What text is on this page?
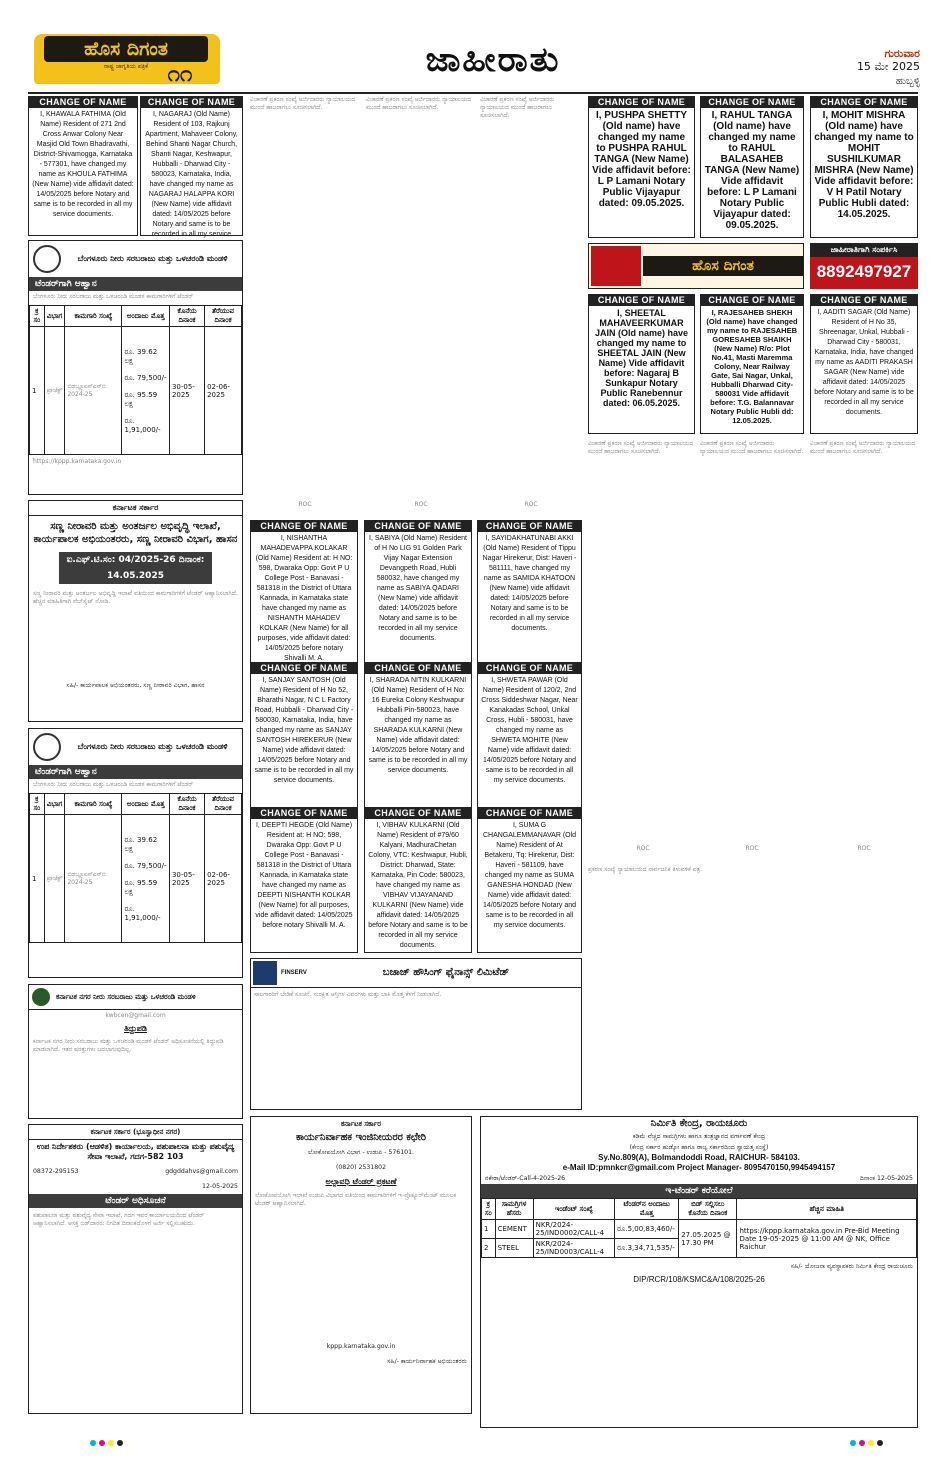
ಹೊಸ ದಿಗಂತ
ರಾಷ್ಟ್ರ ಜಾಗೃತಿಯ ಪತ್ರಿಕೆ ೧೧	ಜಾಹೀರಾತು	ಗುರುವಾರ
15 ಮೇ 2025
ಹುಬ್ಬಳ್ಳಿ
CHANGE OF NAME
I, KHAWALA FATHIMA (Old Name) Resident of 271 2nd Cross Anwar Colony Near Masjid Old Town Bhadravathi, District-Shivamogga, Karnataka - 577301, have changed my name as KHOULA FATHIMA (New Name) vide affidavit dated: 14/05/2025 before Notary and same is to be recorded in all my service documents.
CHANGE OF NAME
I, NAGARAJ (Old Name) Resident of 103, Rajkunj Apartment, Mahaveer Colony, Behind Shanti Nagar Church, Shanti Nagar, Keshwapur, Hubballi - Dharwad City - 580023, Karnataka, India, have changed my name as NAGARAJ HALAPPA KORI (New Name) vide affidavit dated: 14/05/2025 before Notary and same is to be recorded in all my service
ಬೆಂಗಳೂರು ನೀರು ಸರಬರಾಜು ಮತ್ತು ಒಳಚರಂಡಿ ಮಂಡಳಿ
ಟೆಂಡರ್‌ಗಾಗಿ ಆಹ್ವಾನ
ಬೆಂಗಳೂರು ನೀರು ಸರಬರಾಜು ಮತ್ತು ಒಳಚರಂಡಿ ಮಂಡಳಿ ಕಾಮಗಾರಿಗಳಿಗೆ ಟೆಂಡರ್
ಕ್ರ ಸಂ	ವಿಭಾಗ	ಕಾಮಗಾರಿ ಸಂಖ್ಯೆ	ಅಂದಾಜು ಮೊತ್ತ	ಕೊನೆಯ ದಿನಾಂಕ	ತೆರೆಯುವ ದಿನಾಂಕ
1	ಪ್ರಾಜೆಕ್ಟ್	ಬಿಡಬ್ಲ್ಯೂಎಸ್‌ಎಸ್‌ಬಿ 2024-25	ರೂ. 39.62 ಲಕ್ಷ

ರೂ. 79,500/-

ರೂ. 95.59 ಲಕ್ಷ

ರೂ. 1,91,000/-	30-05-2025	02-06-2025
https://kppp.karnataka.gov.in
ಕರ್ನಾಟಕ ಸರ್ಕಾರ
ಸಣ್ಣ ನೀರಾವರಿ ಮತ್ತು ಅಂತರ್ಜಲ ಅಭಿವೃದ್ಧಿ ಇಲಾಖೆ, ಕಾರ್ಯಪಾಲಕ ಅಭಿಯಂತರರು, ಸಣ್ಣ ನೀರಾವರಿ ವಿಭಾಗ, ಹಾಸನ
ಐ.ಎಫ್.ಟಿ.ಸಂ: 04/2025-26 ದಿನಾಂಕ: 14.05.2025
ಸಣ್ಣ ನೀರಾವರಿ ಮತ್ತು ಅಂತರ್ಜಲ ಅಭಿವೃದ್ಧಿ ಇಲಾಖೆ ವತಿಯಿಂದ ಕಾಮಗಾರಿಗಳಿಗೆ ಟೆಂಡರ್ ಆಹ್ವಾನಿಸಲಾಗಿದೆ. ಹೆಚ್ಚಿನ ಮಾಹಿತಿಗಾಗಿ ವೆಬ್‌ಸೈಟ್ ನೋಡಿ.
ಸಹಿ/- ಕಾರ್ಯಪಾಲಕ ಅಭಿಯಂತರರು, ಸಣ್ಣ ನೀರಾವರಿ ವಿಭಾಗ, ಹಾಸನ
ಬೆಂಗಳೂರು ನೀರು ಸರಬರಾಜು ಮತ್ತು ಒಳಚರಂಡಿ ಮಂಡಳಿ
ಟೆಂಡರ್‌ಗಾಗಿ ಆಹ್ವಾನ
ಬೆಂಗಳೂರು ನೀರು ಸರಬರಾಜು ಮತ್ತು ಒಳಚರಂಡಿ ಮಂಡಳಿ ಕಾಮಗಾರಿಗಳಿಗೆ ಟೆಂಡರ್
ಕ್ರ ಸಂ	ವಿಭಾಗ	ಕಾಮಗಾರಿ ಸಂಖ್ಯೆ	ಅಂದಾಜು ಮೊತ್ತ	ಕೊನೆಯ ದಿನಾಂಕ	ತೆರೆಯುವ ದಿನಾಂಕ
1	ಪ್ರಾಜೆಕ್ಟ್	ಬಿಡಬ್ಲ್ಯೂಎಸ್‌ಎಸ್‌ಬಿ 2024-25	ರೂ. 39.62 ಲಕ್ಷ

ರೂ. 79,500/-

ರೂ. 95.59 ಲಕ್ಷ

ರೂ. 1,91,000/-	30-05-2025	02-06-2025
ಕರ್ನಾಟಕ ನಗರ ನೀರು ಸರಬರಾಜು ಮತ್ತು ಒಳಚರಂಡಿ ಮಂಡಳಿ
kwbcen@gmail.com
ತಿದ್ದುಪಡಿ
ಕರ್ನಾಟಕ ನಗರ ನೀರು ಸರಬರಾಜು ಮತ್ತು ಒಳಚರಂಡಿ ಮಂಡಳಿ ಟೆಂಡರ್ ಅಧಿಸೂಚನೆಯಲ್ಲಿ ತಿದ್ದುಪಡಿ ಮಾಡಲಾಗಿದೆ. ಇತರ ಷರತ್ತುಗಳು ಬದಲಾಗುವುದಿಲ್ಲ.
ಕರ್ನಾಟಕ ಸರ್ಕಾರ (ಭೂಸ್ವಾಧೀನ ನಗರ)
ಉಪ ನಿರ್ದೇಶಕರು (ಆಡಳಿತ) ಕಾರ್ಯಾಲಯ, ಪಶುಪಾಲನಾ ಮತ್ತು ಪಶುವೈದ್ಯ ಸೇವಾ ಇಲಾಖೆ, ಗದಗ-582 103
08372-295153	gdgddahvs@gmail.com
12-05-2025
ಟೆಂಡರ್ ಅಧಿಸೂಚನೆ
ಪಶುಪಾಲನಾ ಮತ್ತು ಪಶುವೈದ್ಯ ಸೇವಾ ಇಲಾಖೆ, ಗದಗ ಇವರ ಕಾರ್ಯಾಲಯದಿಂದ ಟೆಂಡರ್ ಆಹ್ವಾನಿಸಲಾಗಿದೆ. ಆಸಕ್ತ ಬಿಡ್‌ದಾರರು ನಿಗದಿತ ದಿನಾಂಕದೊಳಗೆ ಅರ್ಜಿ ಸಲ್ಲಿಸಬಹುದು.
ವಿಚಾರಣೆ ಪ್ರಕರಣ ಸಂಖ್ಯೆ ಅರ್ಜಿದಾರರು ನ್ಯಾಯಾಲಯದ ಮುಂದೆ ಹಾಜರಾಗಲು ಸೂಚಿಸಲಾಗಿದೆ.
ROC
ವಿಚಾರಣೆ ಪ್ರಕರಣ ಸಂಖ್ಯೆ ಅರ್ಜಿದಾರರು ನ್ಯಾಯಾಲಯದ ಮುಂದೆ ಹಾಜರಾಗಲು ಸೂಚಿಸಲಾಗಿದೆ.
ROC
ವಿಚಾರಣೆ ಪ್ರಕರಣ ಸಂಖ್ಯೆ ಅರ್ಜಿದಾರರು ನ್ಯಾಯಾಲಯದ ಮುಂದೆ ಹಾಜರಾಗಲು ಸೂಚಿಸಲಾಗಿದೆ.
ROC
CHANGE OF NAME
I, PUSHPA SHETTY (Old name) have changed my name to PUSHPA RAHUL TANGA (New Name) Vide affidavit before: L P Lamani Notary Public Vijayapur dated: 09.05.2025.
CHANGE OF NAME
I, RAHUL TANGA (Old name) have changed my name to RAHUL BALASAHEB TANGA (New Name) Vide affidavit before: L P Lamani Notary Public Vijayapur dated: 09.05.2025.
CHANGE OF NAME
I, MOHIT MISHRA (Old name) have changed my name to MOHIT SUSHILKUMAR MISHRA (New Name) Vide affidavit before: V H Patil Notary Public Hubli dated: 14.05.2025.
ಹೊಸ ದಿಗಂತ
ಜಾಹೀರಾತಿಗಾಗಿ ಸಂಪರ್ಕಿಸಿ
8892497927
CHANGE OF NAME
I, SHEETAL MAHAVEERKUMAR JAIN (Old name) have changed my name to SHEETAL JAIN (New Name) Vide affidavit before: Nagaraj B Sunkapur Notary Public Ranebennur dated: 06.05.2025.
CHANGE OF NAME
I, RAJESAHEB SHEKH (Old name) have changed my name to RAJESAHEB GORESAHEB SHAIKH (New Name) R/o: Plot No.41, Masti Maremma Colony, Near Railway Gate, Sai Nagar, Unkal, Hubballi Dharwad City-580031 Vide affidavit before: T.G. Balannavar Notary Public Hubli dd: 12.05.2025.
CHANGE OF NAME
I, AADITI SAGAR (Old Name) Resident of H No 35, Shreenagar, Unkal, Hubbali - Dharwad City - 580031, Karnataka, India, have changed my name as AADITI PRAKASH SAGAR (New Name) vide affidavit dated: 14/05/2025 before Notary and same is to be recorded in all my service documents.
ವಿಚಾರಣೆ ಪ್ರಕರಣ ಸಂಖ್ಯೆ ಅರ್ಜಿದಾರರು ನ್ಯಾಯಾಲಯದ ಮುಂದೆ ಹಾಜರಾಗಲು ಸೂಚಿಸಲಾಗಿದೆ.
ROC
ವಿಚಾರಣೆ ಪ್ರಕರಣ ಸಂಖ್ಯೆ ಅರ್ಜಿದಾರರು ನ್ಯಾಯಾಲಯದ ಮುಂದೆ ಹಾಜರಾಗಲು ಸೂಚಿಸಲಾಗಿದೆ.
ROC
ವಿಚಾರಣೆ ಪ್ರಕರಣ ಸಂಖ್ಯೆ ಅರ್ಜಿದಾರರು ನ್ಯಾಯಾಲಯದ ಮುಂದೆ ಹಾಜರಾಗಲು ಸೂಚಿಸಲಾಗಿದೆ.
ROC
ಪ್ರಕರಣ ಸಂಖ್ಯೆ ನ್ಯಾಯಾಲಯದ ಸಾರ್ವಜನಿಕ ತಿಳುವಳಿಕೆ ಪತ್ರ.
CHANGE OF NAME
I, NISHANTHA MAHADEVAPPA KOLAKAR (Old Name) Resident at: H NO: 598, Dwaraka Opp: Govt P U College Post - Banavasi - 581318 in the District of Uttara Kannada, in Karnataka state have changed my name as NISHANTH MAHADEV KOLKAR (New Name) for all purposes, vide affidavit dated: 14/05/2025 before notary Shivalli M. A.
CHANGE OF NAME
I, SABIYA (Old Name) Resident of H No LIG 91 Golden Park Vijay Nagar Extension Devangpeth Road, Hubli 580032, have changed my name as SABIYA QADARI (New Name) vide affidavit dated: 14/05/2025 before Notary and same is to be recorded in all my service documents.
CHANGE OF NAME
I, SAYIDAKHATUNABI AKKI (Old Name) Resident of Tippu Nagar Hirekerur, Dist: Haveri - 581111, have changed my name as SAMIDA KHATOON (New Name) vide affidavit dated: 14/05/2025 before Notary and same is to be recorded in all my service documents.
CHANGE OF NAME
I, SANJAY SANTOSH (Old Name) Resident of H No 52, Bharathi Nagar, N C L Factory Road, Hubballi - Dharwad City - 580030, Karnataka, India, have changed my name as SANJAY SANTOSH HIREKERUR (New Name) vide affidavit dated: 14/05/2025 before Notary and same is to be recorded in all my service documents.
CHANGE OF NAME
I, SHARADA NITIN KULKARNI (Old Name) Resident of H No: 16 Eureka Colony Keshwapur Hubballi Pin-580023, have changed my name as SHARADA KULKARNI (New Name) vide affidavit dated: 14/05/2025 before Notary and same is to be recorded in all my service documents.
CHANGE OF NAME
I, SHWETA PAWAR (Old Name) Resident of 120/2, 2nd Cross Siddeshwar Nagar, Near Kanakadas School, Unkal Cross, Hubli - 580031, have changed my name as SHWETA MOHITE (New Name) vide affidavit dated: 14/05/2025 before Notary and same is to be recorded in all my service documents.
CHANGE OF NAME
I, DEEPTI HEGDE (Old Name) Resident at: H NO: 598, Dwaraka Opp: Govt P U College Post - Banavasi - 581318 in the District of Uttara Kannada, in Karnataka state have changed my name as DEEPTI NISHANTH KOLKAR (New Name) for all purposes, vide affidavit dated: 14/05/2025 before notary Shivalli M. A.
CHANGE OF NAME
I, VIBHAV KULKARNI (Old Name) Resident of #79/60 Kalyani, MadhuraChetan Colony, VTC: Keshwapur, Hubli, District: Dharwad, State: Karnataka, Pin Code: 580023, have changed my name as VIBHAV VIJAYANAND KULKARNI (New Name) vide affidavit dated: 14/05/2025 before Notary and same is to be recorded in all my service documents.
CHANGE OF NAME
I, SUMA G CHANGALEMMANAVAR (Old Name) Resident of At Betakeru, Tq: Hirekerur, Dist: Haveri - 581109, have changed my name as SUMA GANESHA HONDAD (New Name) vide affidavit dated: 14/05/2025 before Notary and same is to be recorded in all my service documents.
FINSERV	ಬಜಾಜ್ ಹೌಸಿಂಗ್ ಫೈನಾನ್ಸ್ ಲಿಮಿಟೆಡ್
ಸಾಲಗಾರರಿಗೆ ಬೇಡಿಕೆ ಸೂಚನೆ. ಸುರಕ್ಷಿತ ಆಸ್ತಿಗಳ ವಿವರಗಳು ಮತ್ತು ಬಾಕಿ ಮೊತ್ತ ಕೆಳಗೆ ನೀಡಲಾಗಿದೆ.
ಕರ್ನಾಟಕ ಸರ್ಕಾರ
ಕಾರ್ಯನಿರ್ವಾಹಕ ಇಂಜಿನೀಯರರ ಕಛೇರಿ
ಲೋಕೋಪಯೋಗಿ ವಿಭಾಗ - ಉಡುಪಿ - 576101.
(0820) 2531802
ಅಲ್ಪಾವಧಿ ಟೆಂಡರ್ ಪ್ರಕಟಣೆ
ಲೋಕೋಪಯೋಗಿ ಇಲಾಖೆ ಉಡುಪಿ ವಿಭಾಗದ ವತಿಯಿಂದ ಕಾಮಗಾರಿಗಳಿಗೆ ಇ-ಪ್ರೊಕ್ಯೂರ್‌ಮೆಂಟ್ ಮೂಲಕ ಟೆಂಡರ್ ಆಹ್ವಾನಿಸಲಾಗಿದೆ.
kppp.karnataka.gov.in
ಸಹಿ/- ಕಾರ್ಯನಿರ್ವಾಹಕ ಅಭಿಯಂತರರು
ನಿರ್ಮಿತಿ ಕೇಂದ್ರ, ರಾಯಚೂರು
ಕಡಿಮೆ ವೆಚ್ಚದ ಸಾಮಗ್ರಿಗಳು ಹಾಗೂ ತಂತ್ರಜ್ಞಾನದ ವರ್ಗಾವಣೆ ಕೇಂದ್ರ
(ಕೇಂದ್ರ ಸರ್ಕಾರ ಹುಡ್ಕೋ ಹಾಗೂ ರಾಜ್ಯ ಸರ್ಕಾರದಿಂದ ಸ್ವಾಯತ್ತ ಸಂಸ್ಥೆ)
Sy.No.809(A), Bolmandoddi Road, RAICHUR- 584103.
e-Mail ID:pmnkcr@gmail.com Project Manager- 8095470150,9945494157
ನಕೇರಾ/ಟೆಂಡರ್-Call-4-2025-26	ದಿನಾಂಕ 12-05-2025
ಇ-ಟೆಂಡರ್ ಕರೆಯೋಲೆ
ಕ್ರ ಸಂ	ಸಾಮಗ್ರಿಗಳ ಹೆಸರು	ಇಂಡೆಂಟ್ ಸಂಖ್ಯೆ	ಟೆಂಡರ್‌ನ ಅಂದಾಜು ಮೊತ್ತ	ಬಿಡ್ ಸಲ್ಲಿಸಲು ಕೊನೆಯ ದಿನಾಂಕ	ಹೆಚ್ಚಿನ ಮಾಹಿತಿ
1	CEMENT	NKR/2024-25/IND0002/CALL-4	ರೂ.5,00,83,460/-	27.05.2025 @ 17.30 PM	https://kppp.karnataka.gov.in Pre-Bid Meeting Date 19-05-2025 @ 11:00 AM @ NK, Office Raichur
2	STEEL	NKR/2024-25/IND0003/CALL-4	ರೂ.3,34,71,535/-		
ಸಹಿ/- ಯೋಜನಾ ವ್ಯವಸ್ಥಾಪಕರು ನಿರ್ಮಿತಿ ಕೇಂದ್ರ ರಾಯಚೂರು
DIP/RCR/108/KSMC&A/108/2025-26
